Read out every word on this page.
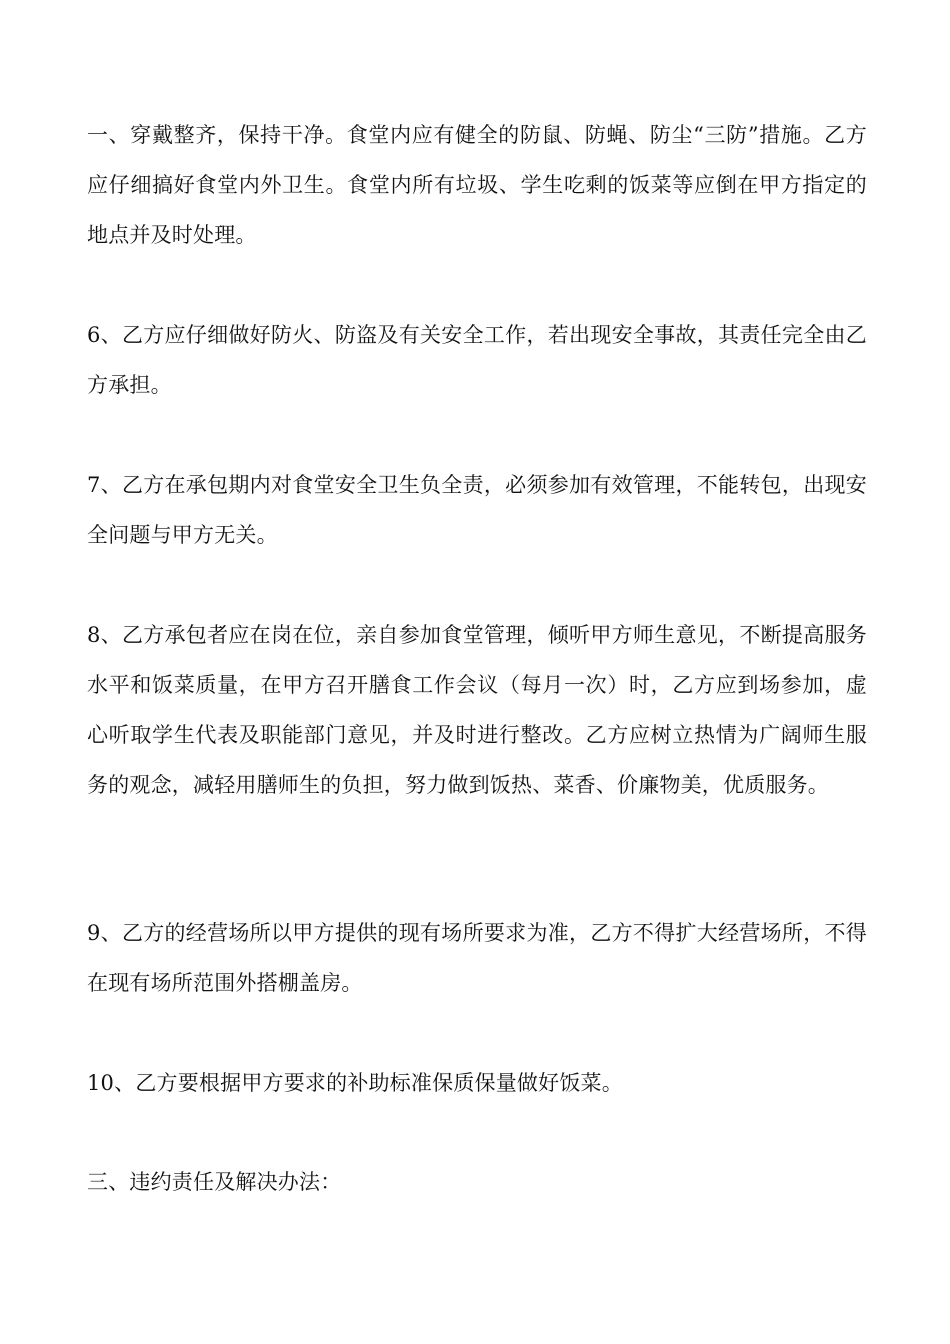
一、穿戴整齐，保持干净。食堂内应有健全的防鼠、防蝇、防尘“三防”措施。乙方应仔细搞好食堂内外卫生。食堂内所有垃圾、学生吃剩的饭菜等应倒在甲方指定的地点并及时处理。

6、乙方应仔细做好防火、防盗及有关安全工作，若出现安全事故，其责任完全由乙方承担。

7、乙方在承包期内对食堂安全卫生负全责，必须参加有效管理，不能转包，出现安全问题与甲方无关。

8、乙方承包者应在岗在位，亲自参加食堂管理，倾听甲方师生意见，不断提高服务水平和饭菜质量，在甲方召开膳食工作会议（每月一次）时，乙方应到场参加，虚心听取学生代表及职能部门意见，并及时进行整改。乙方应树立热情为广阔师生服务的观念，减轻用膳师生的负担，努力做到饭热、菜香、价廉物美，优质服务。

9、乙方的经营场所以甲方提供的现有场所要求为准，乙方不得扩大经营场所，不得在现有场所范围外搭棚盖房。

10、乙方要根据甲方要求的补助标准保质保量做好饭菜。

三、违约责任及解决办法：
